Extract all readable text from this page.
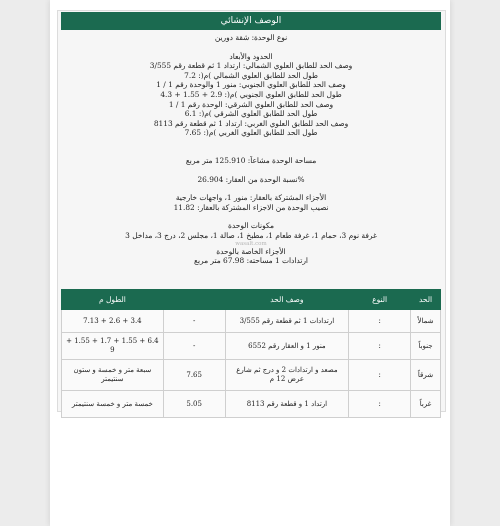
الوصف الإنشائي
نوع الوحدة: شقة دورين
الحدود والأبعاد
وصف الحد للطابق العلوي الشمالي: ارتداد 1 ثم قطعة رقم 3/555
طول الحد للطابق العلوي الشمالي )م(: 7.2
وصف الحد للطابق العلوي الجنوبي: منور 1 والوحدة رقم 1 / 1
طول الحد للطابق العلوي الجنوبي )م(: 2.9 + 1.55 + 4.3
وصف الحد للطابق العلوي الشرقي: الوحدة رقم 1 / 1
طول الحد للطابق العلوي الشرقي )م(: 6.1
وصف الحد للطابق العلوي الغربي: ارتداد 1 ثم قطعة رقم 8113
طول الحد للطابق العلوي الغربي )م(: 7.65
مساحة الوحدة مشاعاً: 125.910 متر مربع
%نسبة الوحدة من العقار: 26.904
الأجزاء المشتركة بالعقار: منور 1، واجهات خارجية
نصيب الوحدة من الاجزاء المشتركة بالعقار: 11.82
مكونات الوحدة
غرفة نوم 3، حمام 1، غرفة طعام 1، مطبخ 1، صالة 1، مجلس 2، درج 3، مداخل 3
wasalt.com
الأجزاء الخاصة بالوحدة
ارتدادات 1 مساحته: 67.98 متر مربع
الحد	النوع	وصف الحد		الطول م
شمالاً	:	ارتدادات 1 ثم قطعة رقم 3/555	-	3.4 + 2.6 + 7.13
جنوباً	:	منور 1 و العقار رقم 6552	-	6.4 + 1.55 + 1.7 + 1.55 + 9
شرقاً	:	مصعد و ارتدادات 2 و درج ثم شارع عرض 12 م	7.65	سبعة متر و خمسة و ستون سنتيمتر
غرباً	:	ارتداد 1 و قطعة رقم 8113	5.05	خمسة متر و خمسة سنتيمتر
